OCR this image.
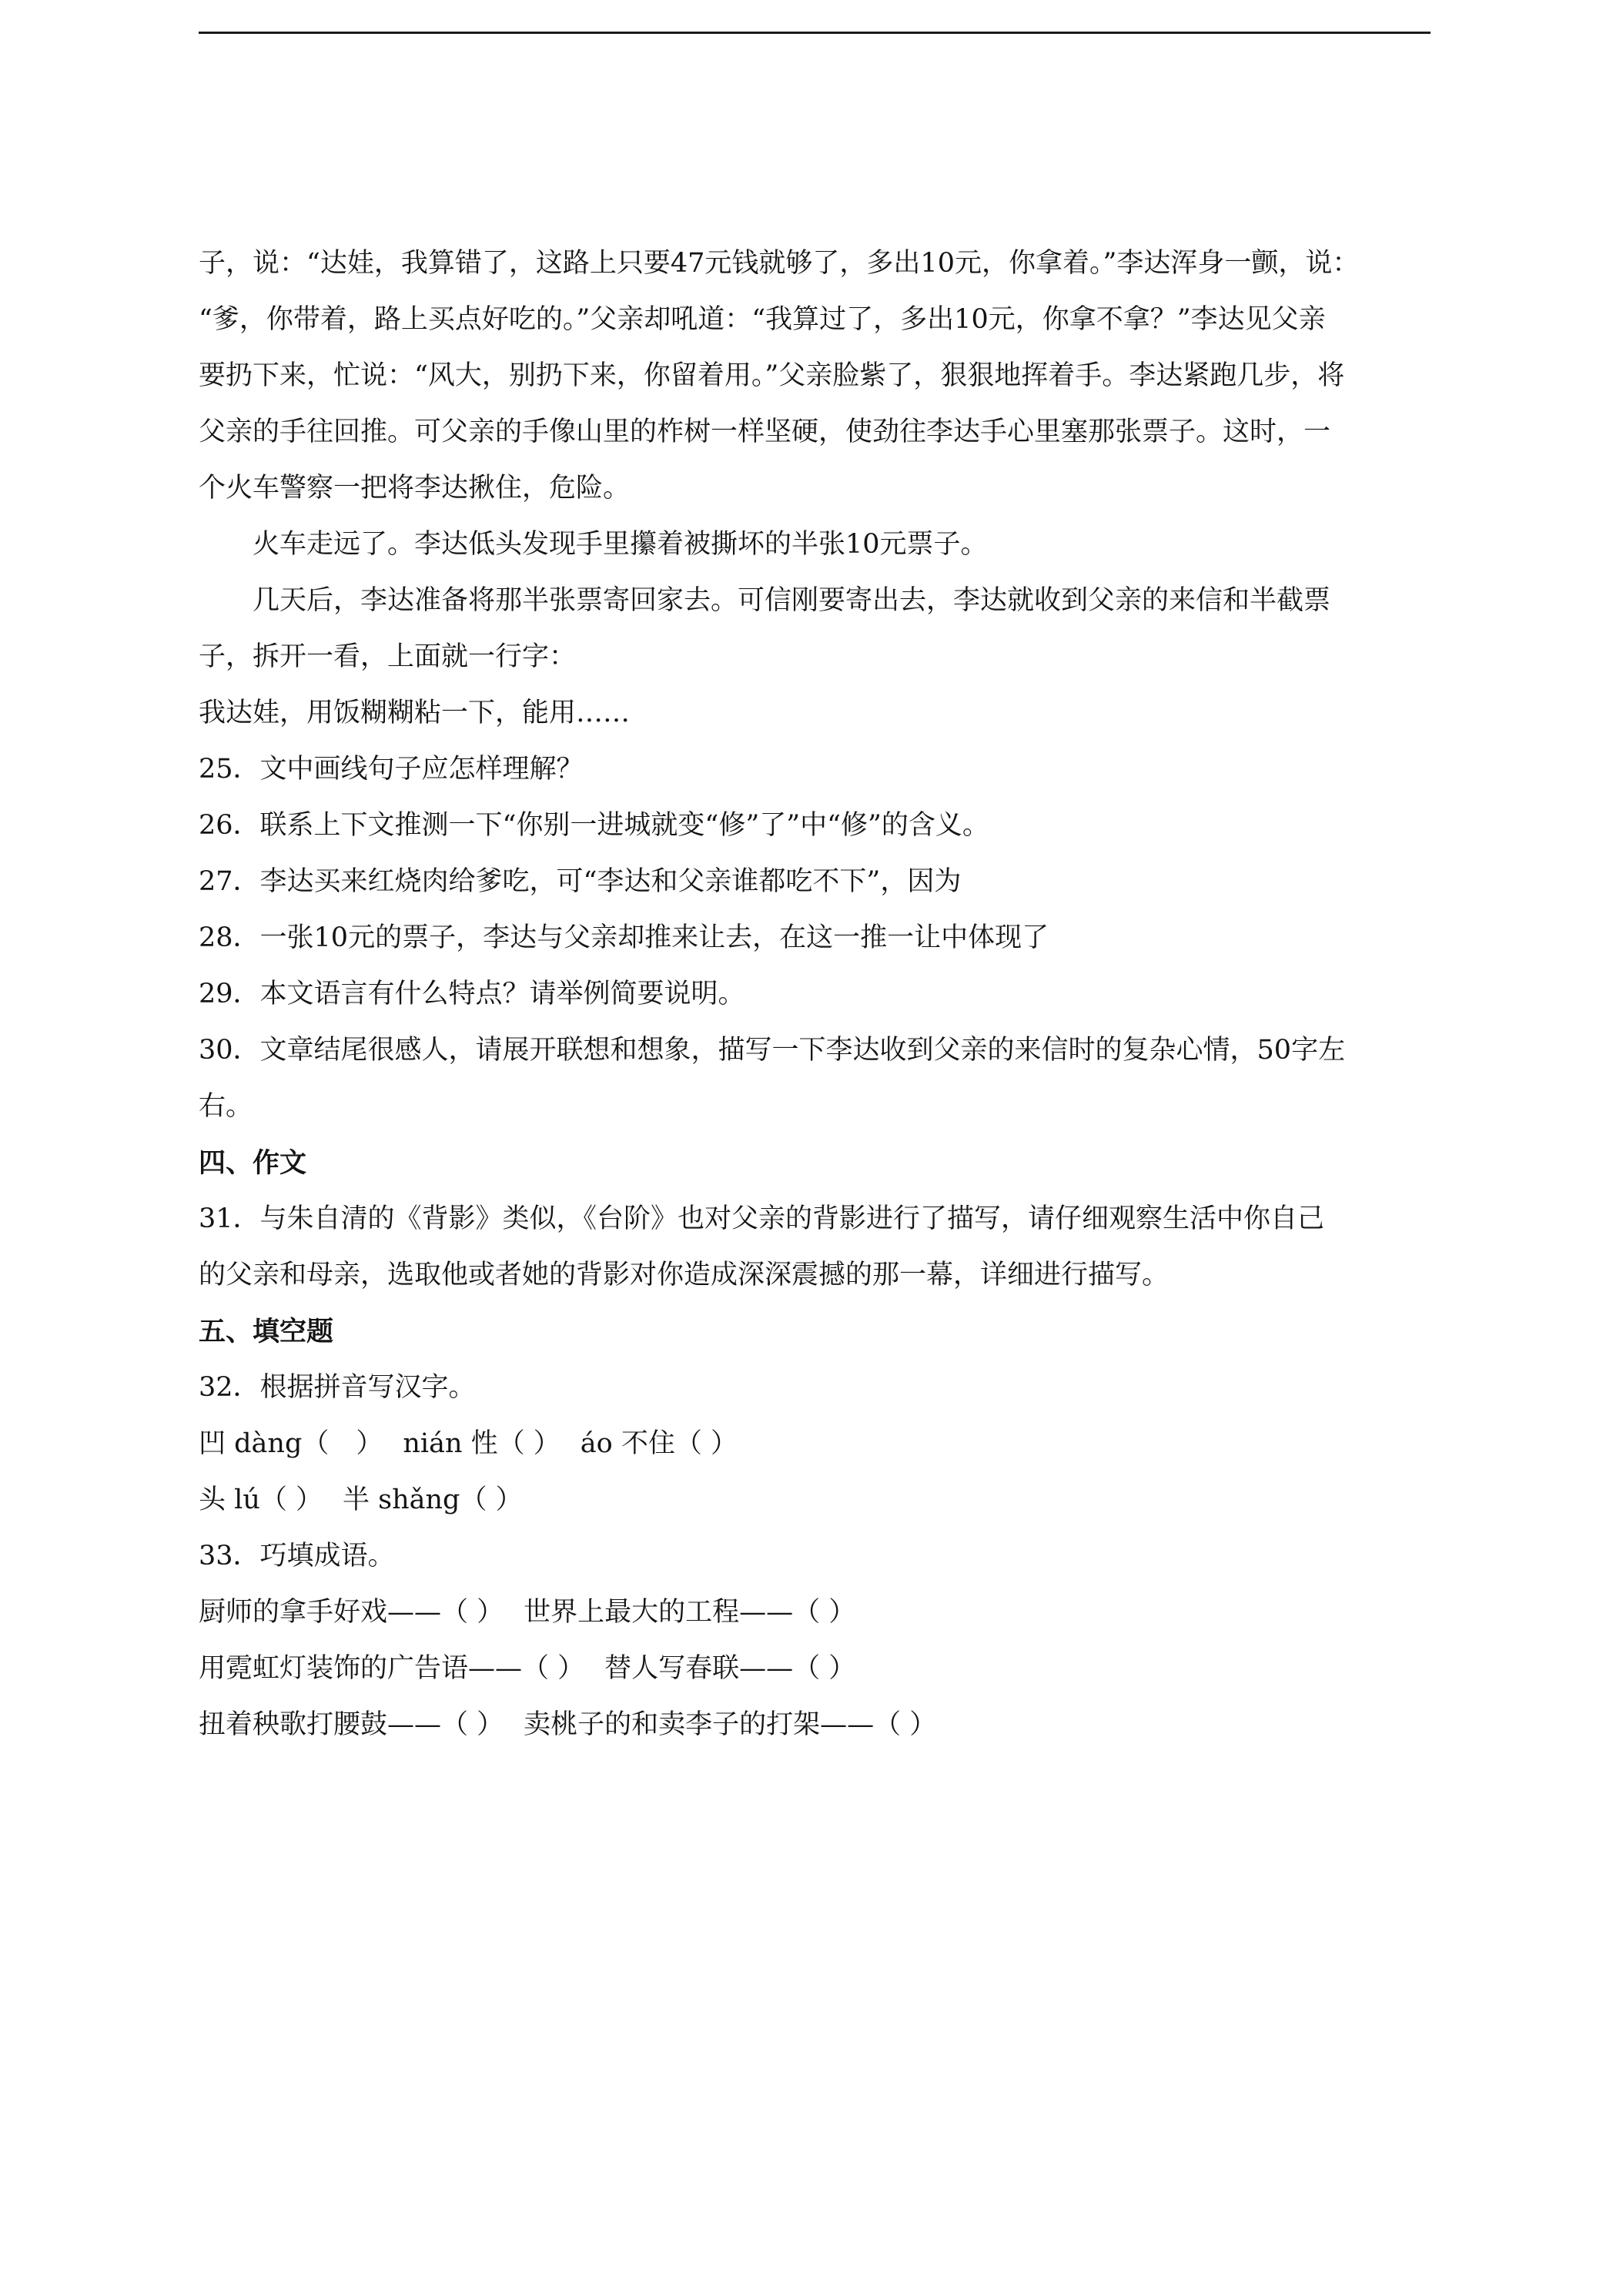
子，说：“达娃，我算错了，这路上只要47元钱就够了，多出10元，你拿着。”李达浑身一颤，说：
“爹，你带着，路上买点好吃的。”父亲却吼道：“我算过了，多出10元，你拿不拿？”李达见父亲
要扔下来，忙说：“风大，别扔下来，你留着用。”父亲脸紫了，狠狠地挥着手。李达紧跑几步，将
父亲的手往回推。可父亲的手像山里的柞树一样坚硬，使劲往李达手心里塞那张票子。这时，一
个火车警察一把将李达揪住，危险。
火车走远了。李达低头发现手里攥着被撕坏的半张10元票子。
几天后，李达准备将那半张票寄回家去。可信刚要寄出去，李达就收到父亲的来信和半截票
子，拆开一看，上面就一行字：
我达娃，用饭糊糊粘一下，能用……
25．文中画线句子应怎样理解？
26．联系上下文推测一下“你别一进城就变“修”了”中“修”的含义。
27．李达买来红烧肉给爹吃，可“李达和父亲谁都吃不下”，因为
28．一张10元的票子，李达与父亲却推来让去，在这一推一让中体现了
29．本文语言有什么特点？请举例简要说明。
30．文章结尾很感人，请展开联想和想象，描写一下李达收到父亲的来信时的复杂心情，50字左
右。
四、作文
31．与朱自清的《背影》类似，《台阶》也对父亲的背影进行了描写，请仔细观察生活中你自己
的父亲和母亲，选取他或者她的背影对你造成深深震撼的那一幕，详细进行描写。
五、填空题
32．根据拼音写汉字。
凹 dàng（　） nián 性（ ） áo 不住（ ）
头 lú（ ） 半 shǎng（ ）
33．巧填成语。
厨师的拿手好戏——（ ） 世界上最大的工程——（ ）
用霓虹灯装饰的广告语——（ ） 替人写春联——（ ）
扭着秧歌打腰鼓——（ ） 卖桃子的和卖李子的打架——（ ）
